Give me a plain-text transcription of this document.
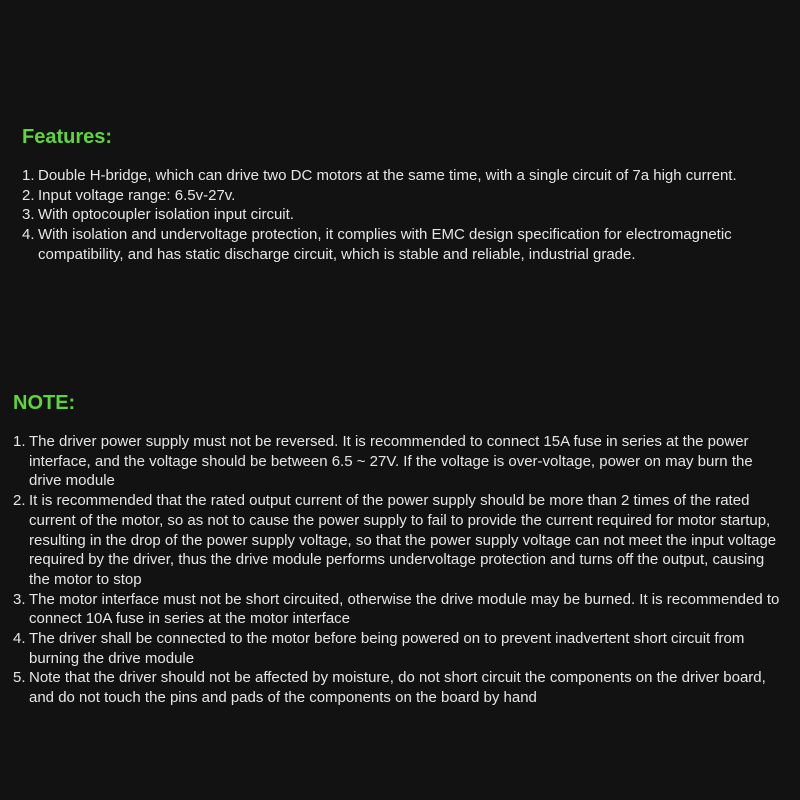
Features:
1. Double H-bridge, which can drive two DC motors at the same time, with a single circuit of 7a high current.
2. Input voltage range: 6.5v-27v.
3. With optocoupler isolation input circuit.
4. With isolation and undervoltage protection, it complies with EMC design specification for electromagnetic compatibility, and has static discharge circuit, which is stable and reliable, industrial grade.
NOTE:
1. The driver power supply must not be reversed. It is recommended to connect 15A fuse in series at the power interface, and the voltage should be between 6.5 ~ 27V. If the voltage is over-voltage, power on may burn the drive module
2. It is recommended that the rated output current of the power supply should be more than 2 times of the rated current of the motor, so as not to cause the power supply to fail to provide the current required for motor startup, resulting in the drop of the power supply voltage, so that the power supply voltage can not meet the input voltage required by the driver, thus the drive module performs undervoltage protection and turns off the output, causing the motor to stop
3. The motor interface must not be short circuited, otherwise the drive module may be burned. It is recommended to connect 10A fuse in series at the motor interface
4. The driver shall be connected to the motor before being powered on to prevent inadvertent short circuit from burning the drive module
5. Note that the driver should not be affected by moisture, do not short circuit the components on the driver board, and do not touch the pins and pads of the components on the board by hand
